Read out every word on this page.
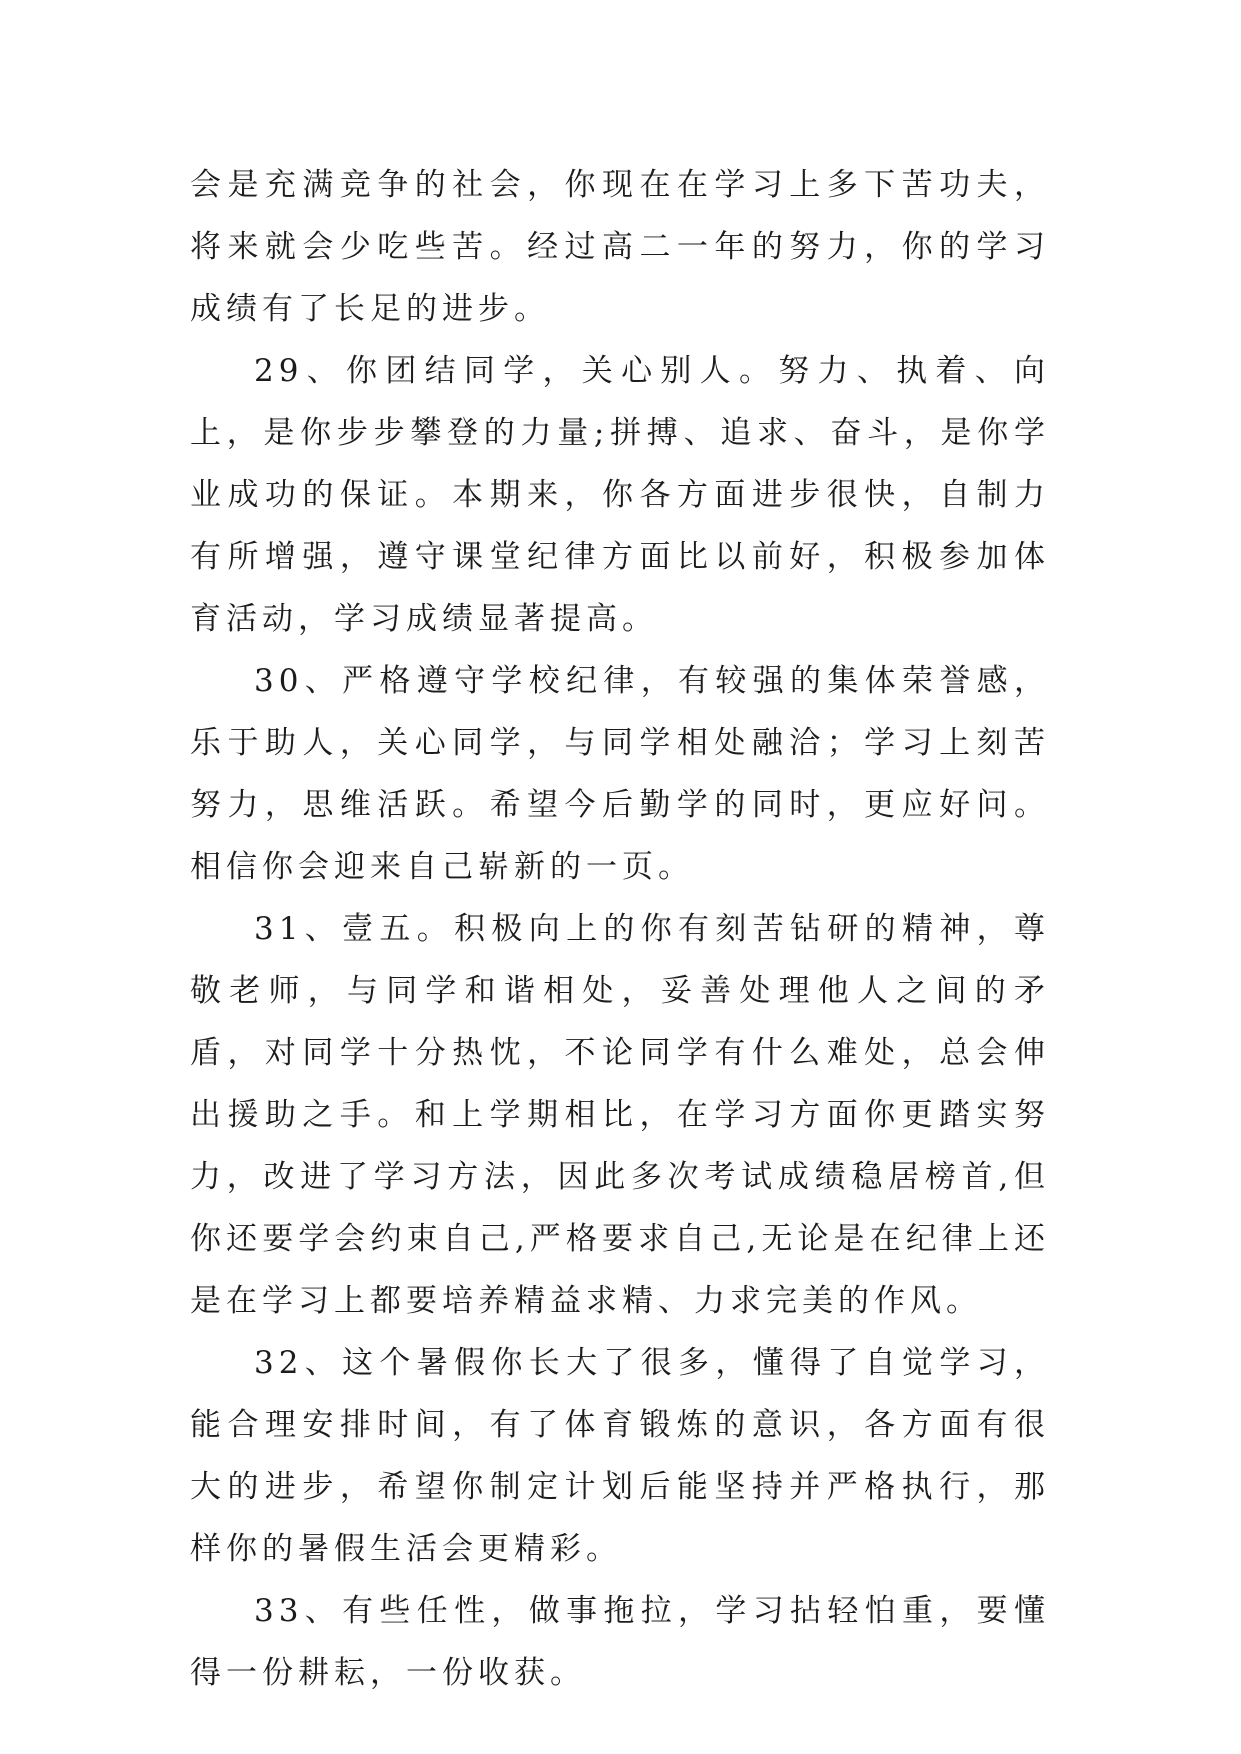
会是充满竞争的社会，你现在在学习上多下苦功夫，将来就会少吃些苦。经过高二一年的努力，你的学习成绩有了长足的进步。

29、你团结同学，关心别人。努力、执着、向上，是你步步攀登的力量;拼搏、追求、奋斗，是你学业成功的保证。本期来，你各方面进步很快，自制力有所增强，遵守课堂纪律方面比以前好，积极参加体育活动，学习成绩显著提高。

30、严格遵守学校纪律，有较强的集体荣誉感，乐于助人，关心同学，与同学相处融洽；学习上刻苦努力，思维活跃。希望今后勤学的同时，更应好问。相信你会迎来自己崭新的一页。

31、壹五。积极向上的你有刻苦钻研的精神，尊敬老师，与同学和谐相处，妥善处理他人之间的矛盾，对同学十分热忱，不论同学有什么难处，总会伸出援助之手。和上学期相比，在学习方面你更踏实努力，改进了学习方法，因此多次考试成绩稳居榜首,但你还要学会约束自己,严格要求自己,无论是在纪律上还是在学习上都要培养精益求精、力求完美的作风。

32、这个暑假你长大了很多，懂得了自觉学习，能合理安排时间，有了体育锻炼的意识，各方面有很大的进步，希望你制定计划后能坚持并严格执行，那样你的暑假生活会更精彩。

33、有些任性，做事拖拉，学习拈轻怕重，要懂得一份耕耘，一份收获。
